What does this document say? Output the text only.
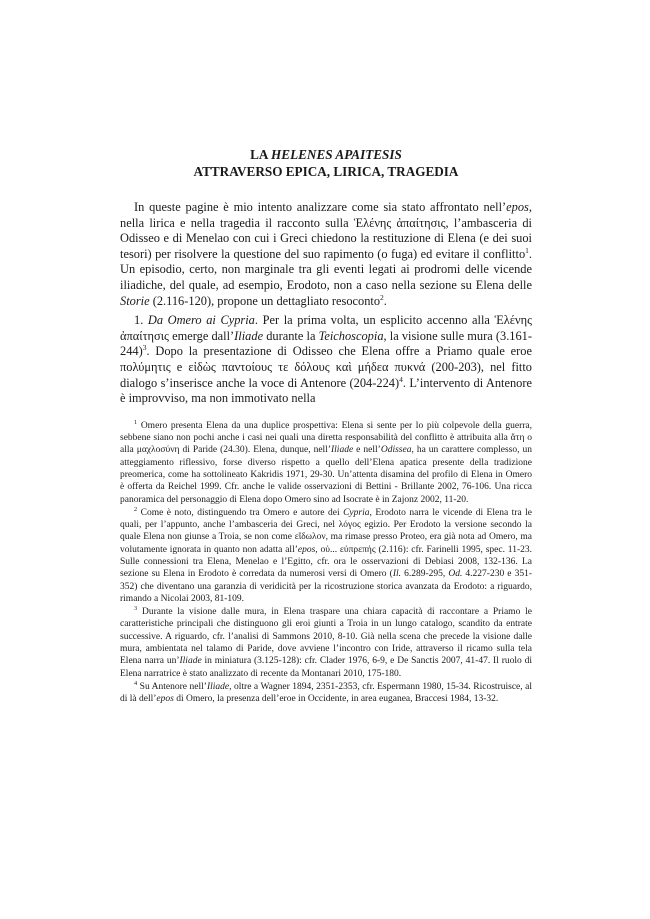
LA HELENES APAITESIS
ATTRAVERSO EPICA, LIRICA, TRAGEDIA

In queste pagine è mio intento analizzare come sia stato affrontato nell’epos, nella lirica e nella tragedia il racconto sulla Ἑλένης ἀπαίτησις, l’ambasceria di Odisseo e di Menelao con cui i Greci chiedono la restituzione di Elena (e dei suoi tesori) per risolvere la questione del suo rapimento (o fuga) ed evitare il conflitto$^1$. Un episodio, certo, non marginale tra gli eventi legati ai prodromi delle vicende iliadiche, del quale, ad esempio, Erodoto, non a caso nella sezione su Elena delle Storie (2.116-120), propone un dettagliato resoconto$^2$.

1. Da Omero ai Cypria. Per la prima volta, un esplicito accenno alla Ἑλένης ἀπαίτησις emerge dall’Iliade durante la Teichoscopia, la visione sulle mura $(3.161-244)^3$. Dopo la presentazione di Odisseo che Elena offre a Priamo quale eroe πολύμητις e εἰδὼς παντοίους τε δόλους καὶ μήδεα πυκνά (200-203), nel fitto dialogo s’inserisce anche la voce di Antenore $(204-224)^4$. L’intervento di Antenore è improvviso, ma non immotivato nella

$^1$ Omero presenta Elena da una duplice prospettiva: Elena si sente per lo più colpevole della guerra, sebbene siano non pochi anche i casi nei quali una diretta responsabilità del conflitto è attribuita alla ἄτη o alla μαχλοσύνη di Paride (24.30). Elena, dunque, nell’Iliade e nell’Odissea, ha un carattere complesso, un atteggiamento riflessivo, forse diverso rispetto a quello dell’Elena apatica presente della tradizione preomerica, come ha sottolineato Kakridis 1971, 29-30. Un’attenta disamina del profilo di Elena in Omero è offerta da Reichel 1999. Cfr. anche le valide osservazioni di Bettini - Brillante 2002, 76-106. Una ricca panoramica del personaggio di Elena dopo Omero sino ad Isocrate è in Zajonz 2002, 11-20.

$^2$ Come è noto, distinguendo tra Omero e autore dei Cypria, Erodoto narra le vicende di Elena tra le quali, per l’appunto, anche l’ambasceria dei Greci, nel λόγος egizio. Per Erodoto la versione secondo la quale Elena non giunse a Troia, se non come εἴδωλον, ma rimase presso Proteo, era già nota ad Omero, ma volutamente ignorata in quanto non adatta all’epos, οὐ... εὐπρεπής (2.116): cfr. Farinelli 1995, spec. 11-23. Sulle connessioni tra Elena, Menelao e l’Egitto, cfr. ora le osservazioni di Debiasi 2008, 132-136. La sezione su Elena in Erodoto è corredata da numerosi versi di Omero (Il. 6.289-295, Od. 4.227-230 e 351-352) che diventano una garanzia di veridicità per la ricostruzione storica avanzata da Erodoto: a riguardo, rimando a Nicolai 2003, 81-109.

$^3$ Durante la visione dalle mura, in Elena traspare una chiara capacità di raccontare a Priamo le caratteristiche principali che distinguono gli eroi giunti a Troia in un lungo catalogo, scandito da entrate successive. A riguardo, cfr. l’analisi di Sammons 2010, 8-10. Già nella scena che precede la visione dalle mura, ambientata nel talamo di Paride, dove avviene l’incontro con Iride, attraverso il ricamo sulla tela Elena narra un’Iliade in miniatura (3.125-128): cfr. Clader 1976, 6-9, e De Sanctis 2007, 41-47. Il ruolo di Elena narratrice è stato analizzato di recente da Montanari 2010, 175-180.

$^4$ Su Antenore nell’Iliade, oltre a Wagner 1894, 2351-2353, cfr. Espermann 1980, 15-34. Ricostruisce, al di là dell’epos di Omero, la presenza dell’eroe in Occidente, in area euganea, Braccesi 1984, 13-32.
